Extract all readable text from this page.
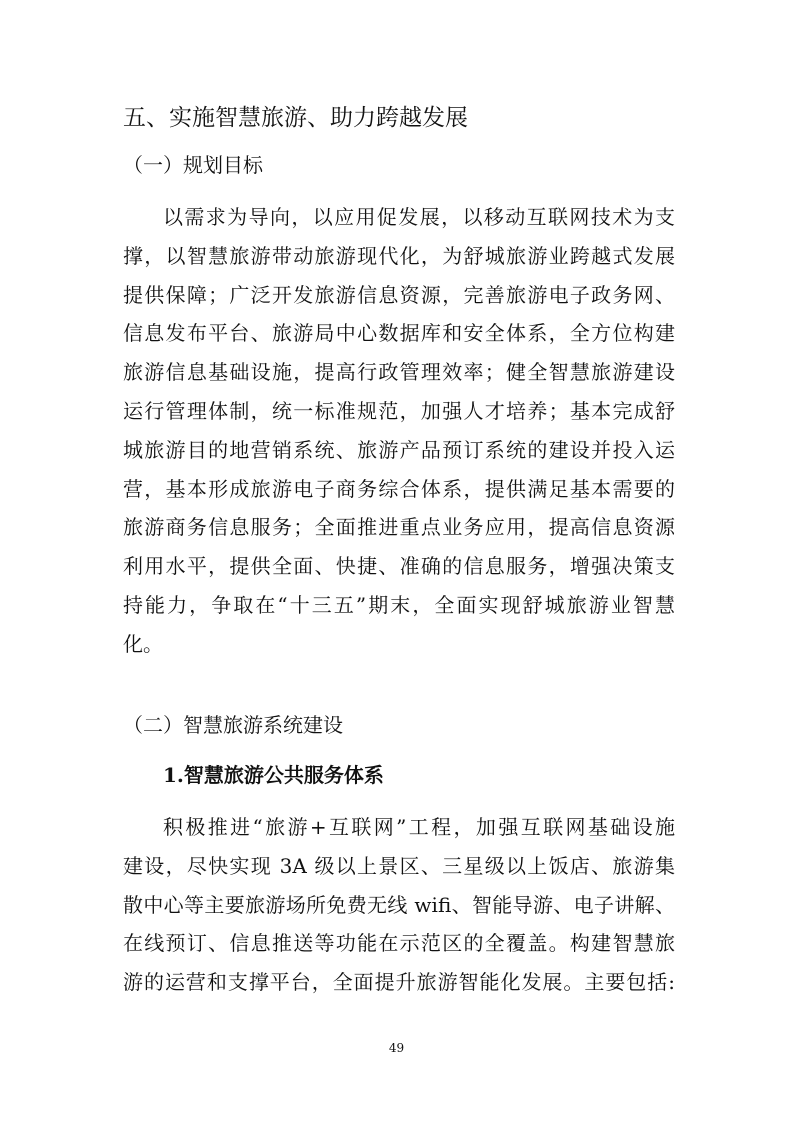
五、实施智慧旅游、助力跨越发展
（一）规划目标
以需求为导向，以应用促发展，以移动互联网技术为支
撑，以智慧旅游带动旅游现代化，为舒城旅游业跨越式发展
提供保障；广泛开发旅游信息资源，完善旅游电子政务网、
信息发布平台、旅游局中心数据库和安全体系，全方位构建
旅游信息基础设施，提高行政管理效率；健全智慧旅游建设
运行管理体制，统一标准规范，加强人才培养；基本完成舒
城旅游目的地营销系统、旅游产品预订系统的建设并投入运
营，基本形成旅游电子商务综合体系，提供满足基本需要的
旅游商务信息服务；全面推进重点业务应用，提高信息资源
利用水平，提供全面、快捷、准确的信息服务，增强决策支
持能力，争取在“十三五”期末，全面实现舒城旅游业智慧
化。
（二）智慧旅游系统建设
1.智慧旅游公共服务体系
积极推进“旅游+互联网”工程，加强互联网基础设施
建设，尽快实现 3A 级以上景区、三星级以上饭店、旅游集
散中心等主要旅游场所免费无线 wifi、智能导游、电子讲解、
在线预订、信息推送等功能在示范区的全覆盖。构建智慧旅
游的运营和支撑平台，全面提升旅游智能化发展。主要包括:
49
